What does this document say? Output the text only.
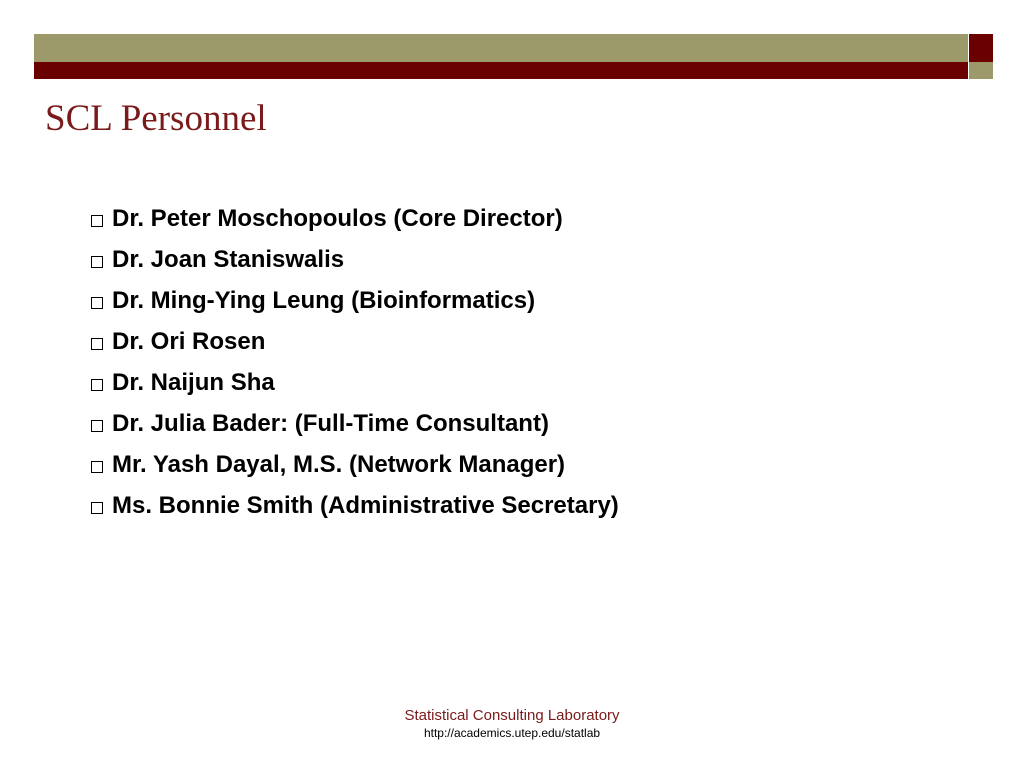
SCL Personnel
Dr. Peter Moschopoulos (Core Director)
Dr. Joan Staniswalis
Dr. Ming-Ying Leung (Bioinformatics)
Dr. Ori Rosen
Dr. Naijun Sha
Dr. Julia Bader: (Full-Time Consultant)
Mr. Yash Dayal, M.S. (Network Manager)
Ms. Bonnie Smith (Administrative Secretary)
Statistical Consulting Laboratory
http://academics.utep.edu/statlab
